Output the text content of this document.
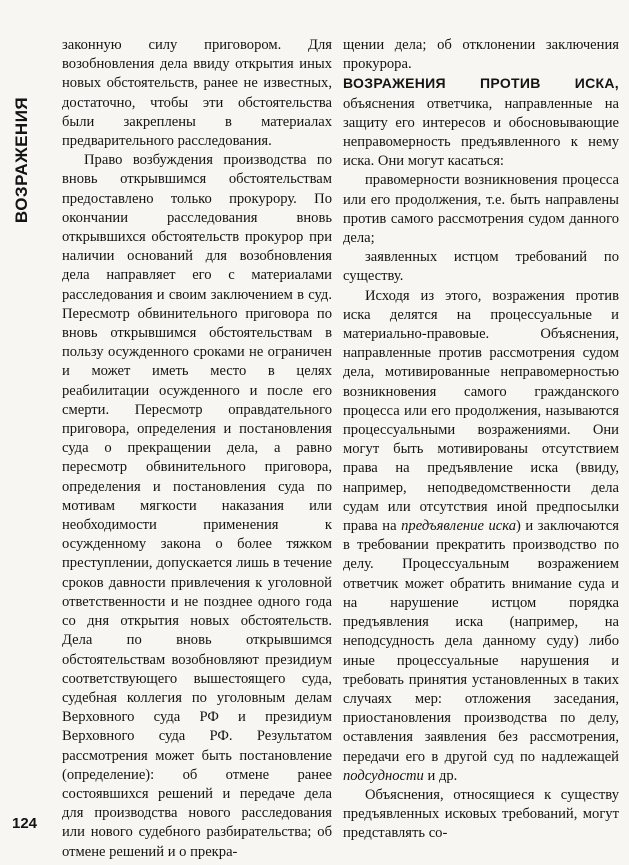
ВОЗРАЖЕНИЯ
124

законную силу приговором. Для возобновления дела ввиду открытия иных новых обстоятельств, ранее не известных, достаточно, чтобы эти обстоятельства были закреплены в материалах предварительного расследования.

Право возбуждения производства по вновь открывшимся обстоятельствам предоставлено только прокурору. По окончании расследования вновь открывшихся обстоятельств прокурор при наличии оснований для возобновления дела направляет его с материалами расследования и своим заключением в суд. Пересмотр обвинительного приговора по вновь открывшимся обстоятельствам в пользу осужденного сроками не ограничен и может иметь место в целях реабилитации осужденного и после его смерти. Пересмотр оправдательного приговора, определения и постановления суда о прекращении дела, а равно пересмотр обвинительного приговора, определения и постановления суда по мотивам мягкости наказания или необходимости применения к осужденному закона о более тяжком преступлении, допускается лишь в течение сроков давности привлечения к уголовной ответственности и не позднее одного года со дня открытия новых обстоятельств. Дела по вновь открывшимся обстоятельствам возобновляют президиум соответствующего вышестоящего суда, судебная коллегия по уголовным делам Верховного суда РФ и президиум Верховного суда РФ. Результатом рассмотрения может быть постановление (определение): об отмене ранее состоявшихся решений и передаче дела для производства нового расследования или нового судебного разбирательства; об отмене решений и о прекра-

щении дела; об отклонении заключения прокурора.

ВОЗРАЖЕНИЯ ПРОТИВ ИСКА, объяснения ответчика, направленные на защиту его интересов и обосновывающие неправомерность предъявленного к нему иска. Они могут касаться:

правомерности возникновения процесса или его продолжения, т.е. быть направлены против самого рассмотрения судом данного дела;

заявленных истцом требований по существу.

Исходя из этого, возражения против иска делятся на процессуальные и материально-правовые. Объяснения, направленные против рассмотрения судом дела, мотивированные неправомерностью возникновения самого гражданского процесса или его продолжения, называются процессуальными возражениями. Они могут быть мотивированы отсутствием права на предъявление иска (ввиду, например, неподведомственности дела судам или отсутствия иной предпосылки права на предъявление иска) и заключаются в требовании прекратить производство по делу. Процессуальным возражением ответчик может обратить внимание суда и на нарушение истцом порядка предъявления иска (например, на неподсудность дела данному суду) либо иные процессуальные нарушения и требовать принятия установленных в таких случаях мер: отложения заседания, приостановления производства по делу, оставления заявления без рассмотрения, передачи его в другой суд по надлежащей подсудности и др.

Объяснения, относящиеся к существу предъявленных исковых требований, могут представлять со-
